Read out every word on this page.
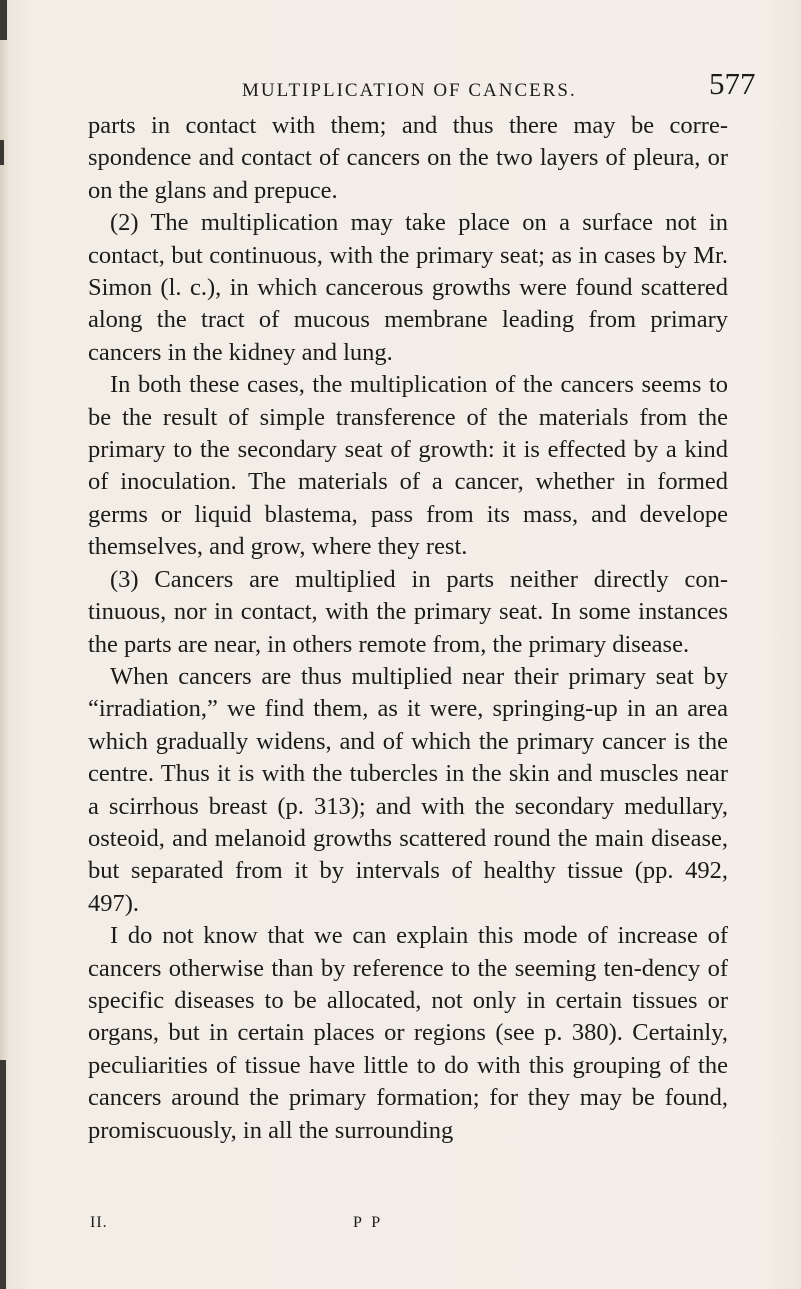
MULTIPLICATION OF CANCERS.	577

parts in contact with them; and thus there may be corre-spondence and contact of cancers on the two layers of pleura, or on the glans and prepuce.

(2) The multiplication may take place on a surface not in contact, but continuous, with the primary seat; as in cases by Mr. Simon (l. c.), in which cancerous growths were found scattered along the tract of mucous membrane leading from primary cancers in the kidney and lung.

In both these cases, the multiplication of the cancers seems to be the result of simple transference of the materials from the primary to the secondary seat of growth: it is effected by a kind of inoculation. The materials of a cancer, whether in formed germs or liquid blastema, pass from its mass, and develope themselves, and grow, where they rest.

(3) Cancers are multiplied in parts neither directly con-tinuous, nor in contact, with the primary seat. In some instances the parts are near, in others remote from, the primary disease.

When cancers are thus multiplied near their primary seat by “irradiation,” we find them, as it were, springing-up in an area which gradually widens, and of which the primary cancer is the centre. Thus it is with the tubercles in the skin and muscles near a scirrhous breast (p. 313); and with the secondary medullary, osteoid, and melanoid growths scattered round the main disease, but separated from it by intervals of healthy tissue (pp. 492, 497).

I do not know that we can explain this mode of increase of cancers otherwise than by reference to the seeming ten-dency of specific diseases to be allocated, not only in certain tissues or organs, but in certain places or regions (see p. 380). Certainly, peculiarities of tissue have little to do with this grouping of the cancers around the primary formation; for they may be found, promiscuously, in all the surrounding

II.	P P
